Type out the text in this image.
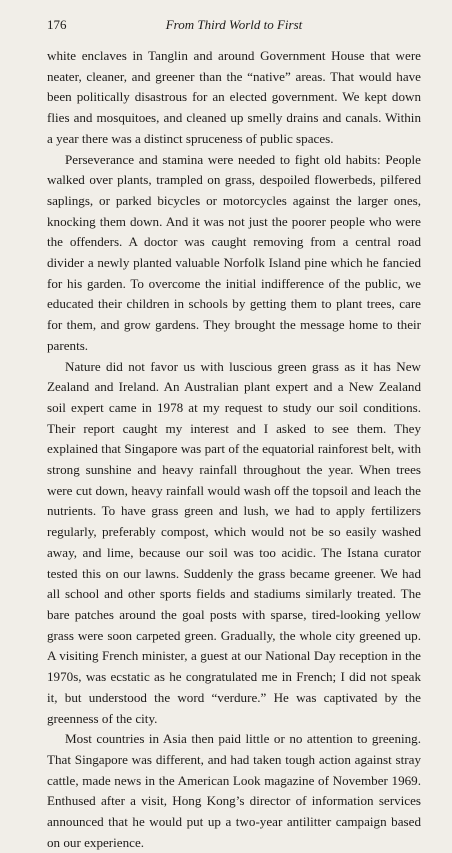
176	From Third World to First

white enclaves in Tanglin and around Government House that were neater, cleaner, and greener than the “native” areas. That would have been politically disastrous for an elected government. We kept down flies and mosquitoes, and cleaned up smelly drains and canals. Within a year there was a distinct spruceness of public spaces.

Perseverance and stamina were needed to fight old habits: People walked over plants, trampled on grass, despoiled flowerbeds, pilfered saplings, or parked bicycles or motorcycles against the larger ones, knocking them down. And it was not just the poorer people who were the offenders. A doctor was caught removing from a central road divider a newly planted valuable Norfolk Island pine which he fancied for his garden. To overcome the initial indifference of the public, we educated their children in schools by getting them to plant trees, care for them, and grow gardens. They brought the message home to their parents.

Nature did not favor us with luscious green grass as it has New Zealand and Ireland. An Australian plant expert and a New Zealand soil expert came in 1978 at my request to study our soil conditions. Their report caught my interest and I asked to see them. They explained that Singapore was part of the equatorial rainforest belt, with strong sunshine and heavy rainfall throughout the year. When trees were cut down, heavy rainfall would wash off the topsoil and leach the nutrients. To have grass green and lush, we had to apply fertilizers regularly, preferably compost, which would not be so easily washed away, and lime, because our soil was too acidic. The Istana curator tested this on our lawns. Suddenly the grass became greener. We had all school and other sports fields and stadiums similarly treated. The bare patches around the goal posts with sparse, tired-looking yellow grass were soon carpeted green. Gradually, the whole city greened up. A visiting French minister, a guest at our National Day reception in the 1970s, was ecstatic as he congratulated me in French; I did not speak it, but understood the word “verdure.” He was captivated by the greenness of the city.

Most countries in Asia then paid little or no attention to greening. That Singapore was different, and had taken tough action against stray cattle, made news in the American Look magazine of November 1969. Enthused after a visit, Hong Kong’s director of information services announced that he would put up a two-year antilitter campaign based on our experience.
